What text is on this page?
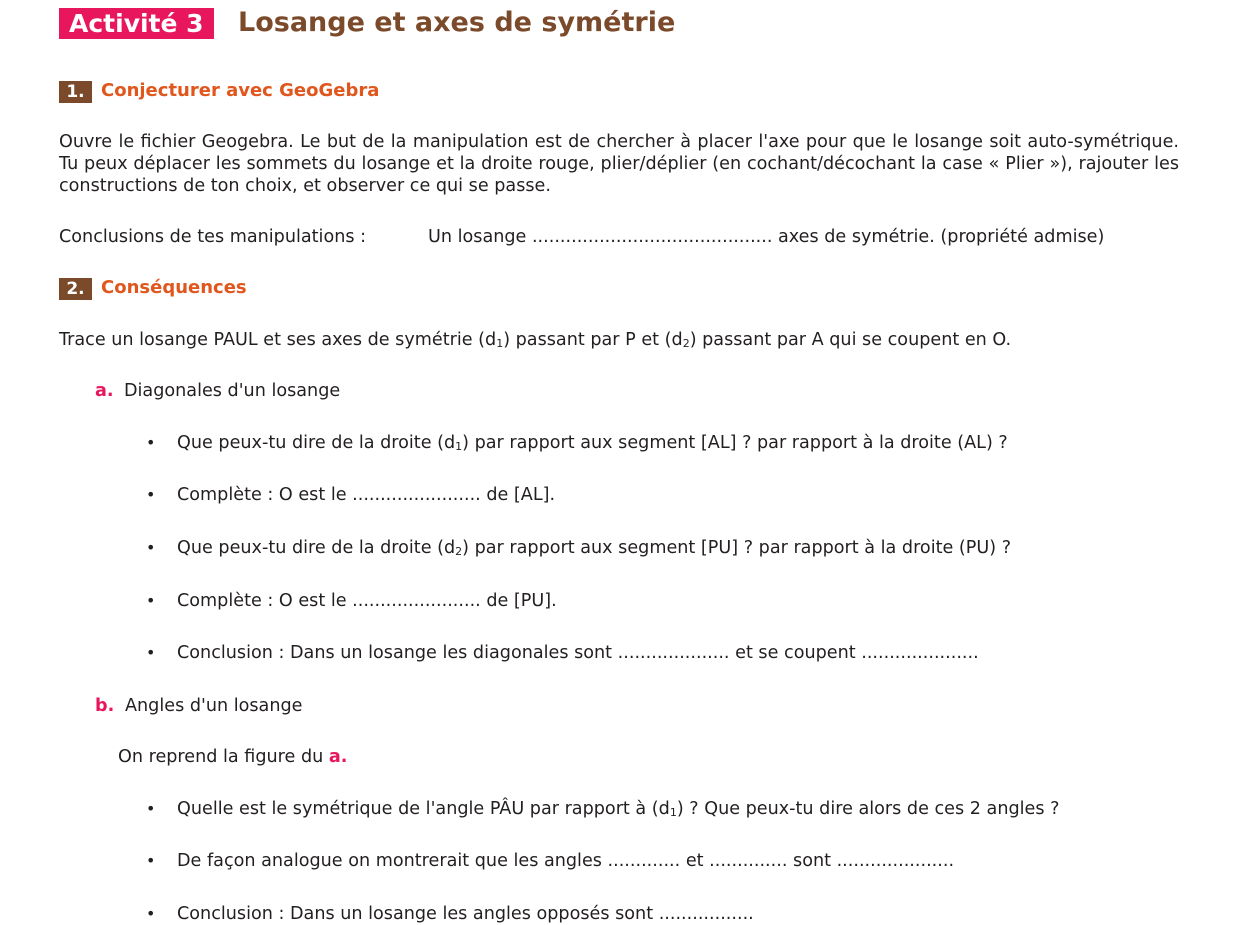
Activité 3	Losange et axes de symétrie
1. Conjecturer avec GeoGebra
Ouvre le fichier Geogebra. Le but de la manipulation est de chercher à placer l'axe pour que le losange soit auto-symétrique. Tu peux déplacer les sommets du losange et la droite rouge, plier/déplier (en cochant/décochant la case « Plier »), rajouter les constructions de ton choix, et observer ce qui se passe.
Conclusions de tes manipulations :	Un losange ........................................... axes de symétrie. (propriété admise)
2. Conséquences
Trace un losange PAUL et ses axes de symétrie $(d_1)$ passant par P et $(d_2)$ passant par A qui se coupent en O.
a. Diagonales d'un losange
• Que peux-tu dire de la droite $(d_1)$ par rapport aux segment [AL] ? par rapport à la droite (AL) ?
• Complète : O est le ....................... de [AL].
• Que peux-tu dire de la droite $(d_2)$ par rapport aux segment [PU] ? par rapport à la droite (PU) ?
• Complète : O est le ....................... de [PU].
• Conclusion : Dans un losange les diagonales sont .................... et se coupent .....................
b. Angles d'un losange
On reprend la figure du a.
• Quelle est le symétrique de l'angle PÂU par rapport à $(d_1)$ ? Que peux-tu dire alors de ces 2 angles ?
• De façon analogue on montrerait que les angles ............. et .............. sont .....................
• Conclusion : Dans un losange les angles opposés sont .................
